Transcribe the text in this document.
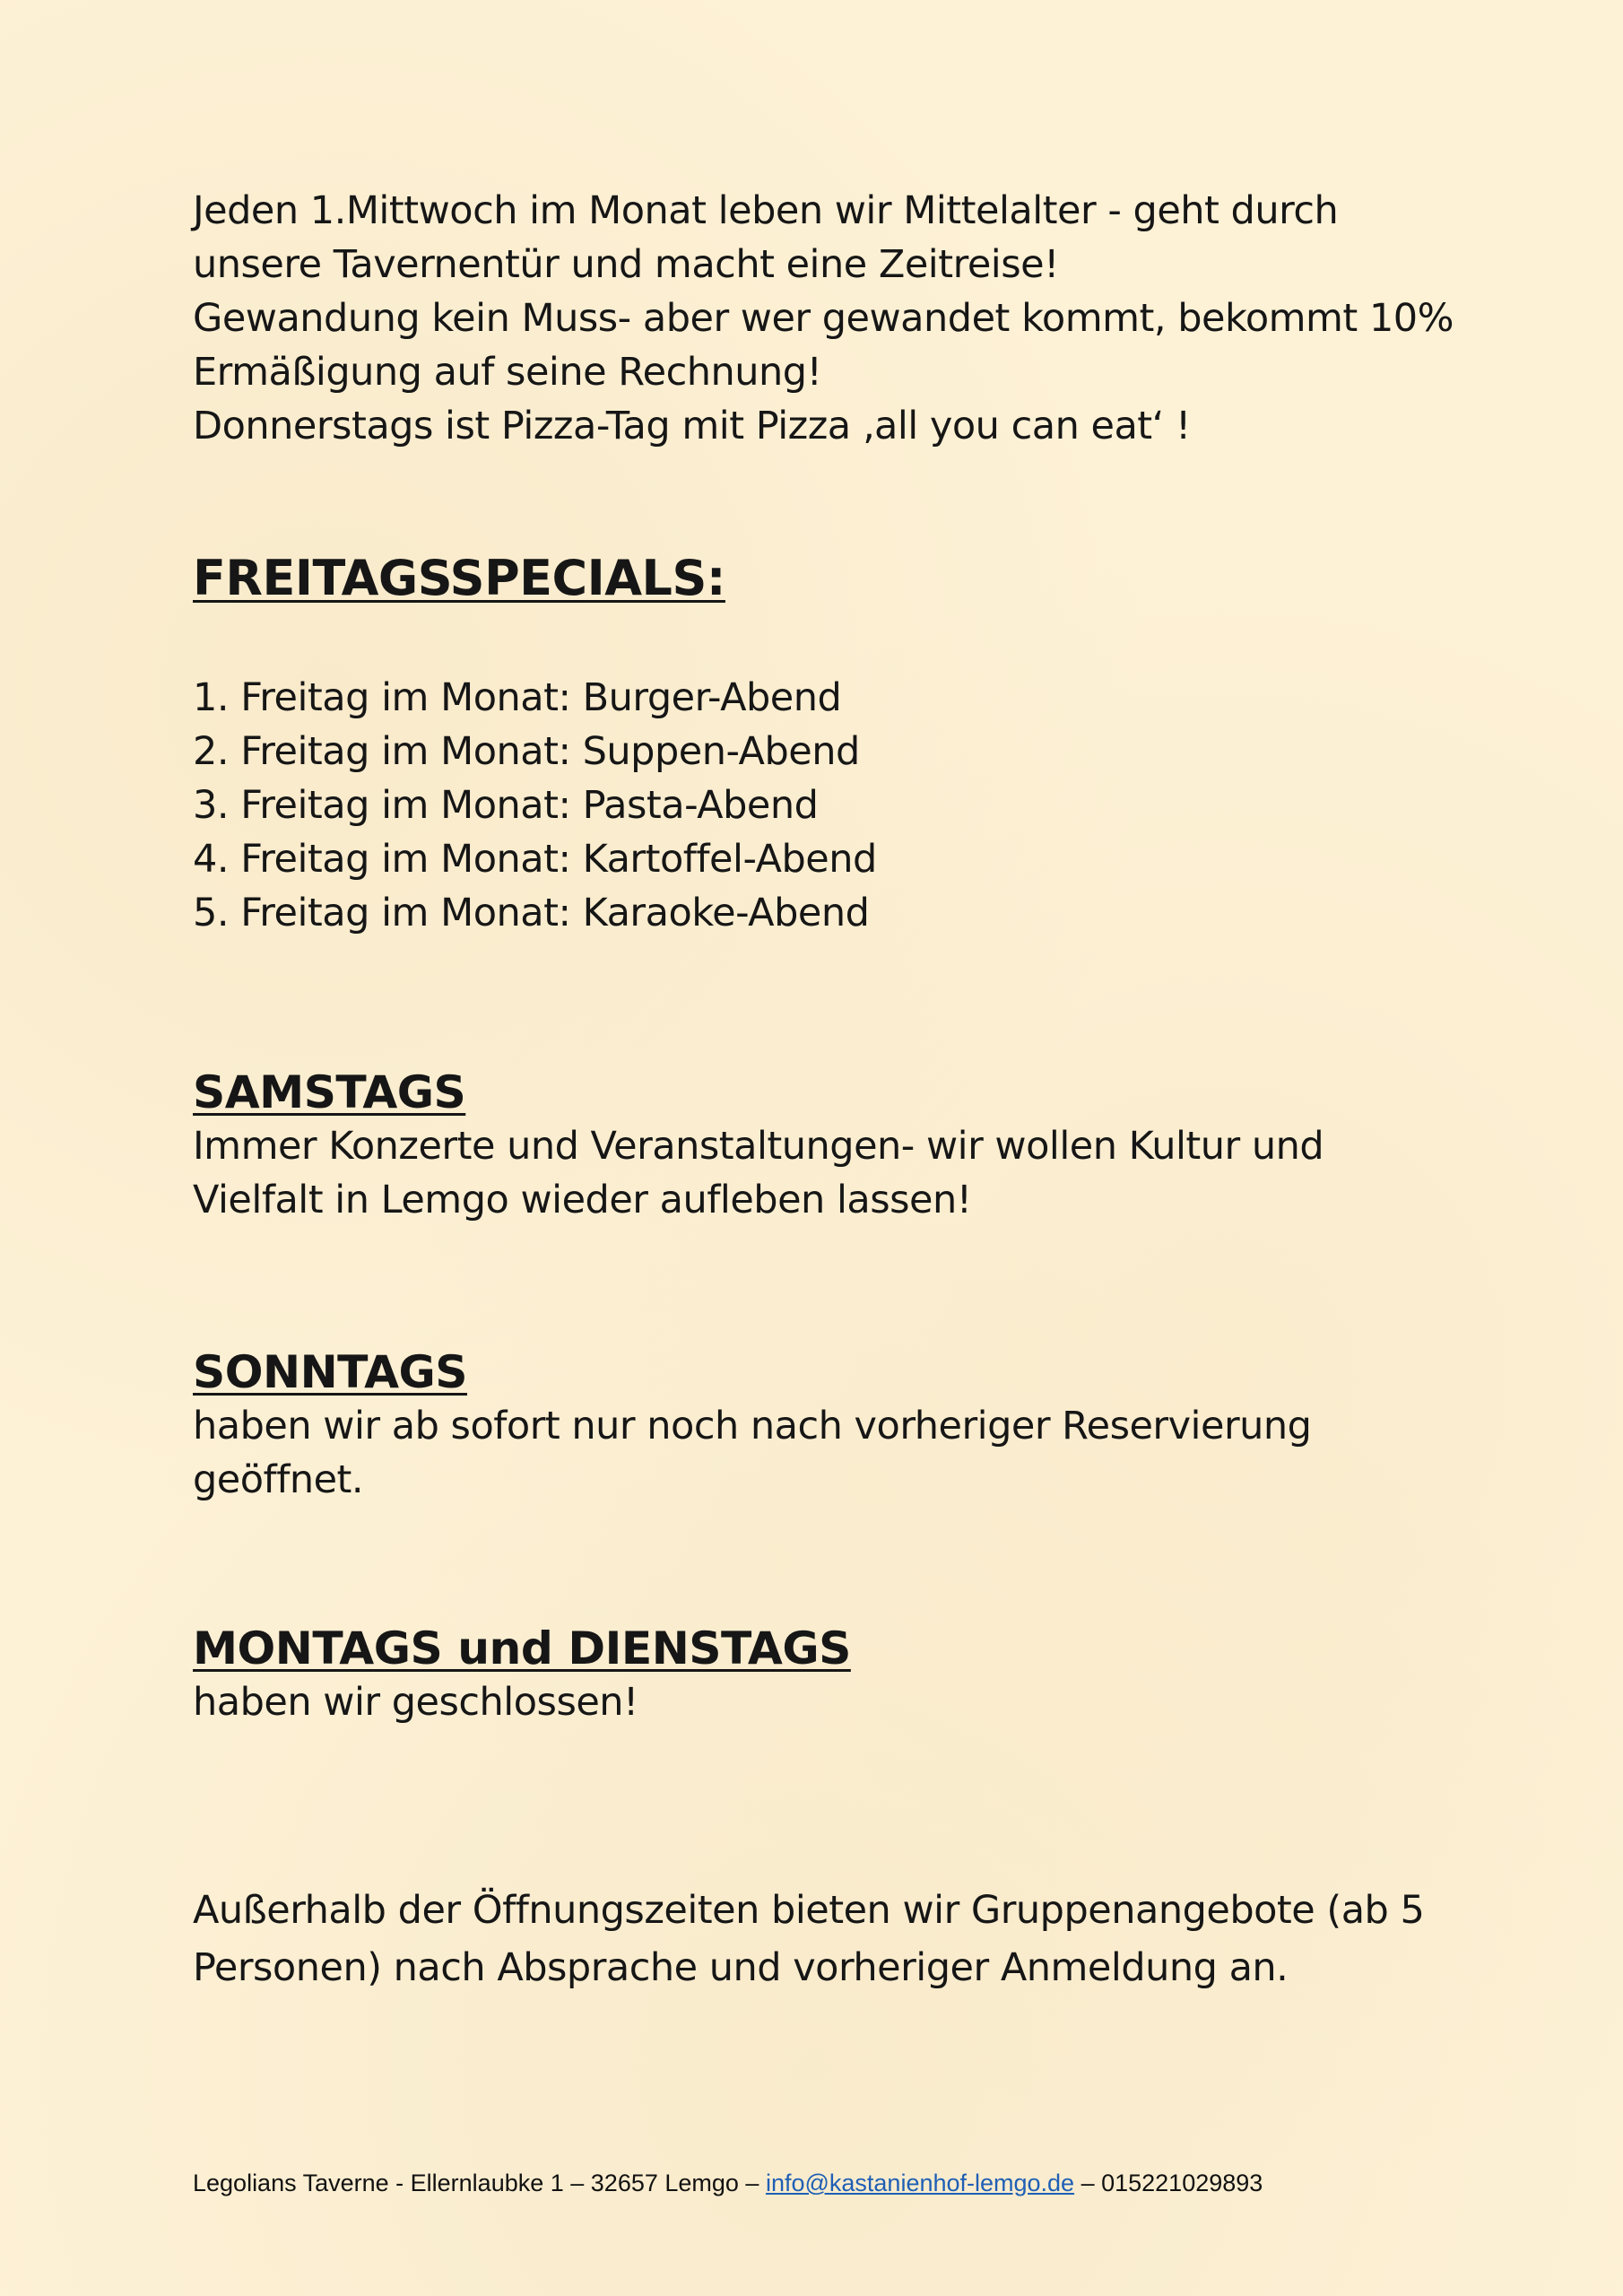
Jeden 1.Mittwoch im Monat leben wir Mittelalter - geht durch

unsere Tavernentür und macht eine Zeitreise!

Gewandung kein Muss- aber wer gewandet kommt, bekommt 10%

Ermäßigung auf seine Rechnung!

Donnerstags ist Pizza-Tag mit Pizza ‚all you can eat‘ !

FREITAGSSPECIALS:
1. Freitag im Monat: Burger-Abend
2. Freitag im Monat: Suppen-Abend
3. Freitag im Monat: Pasta-Abend
4. Freitag im Monat: Kartoffel-Abend
5. Freitag im Monat: Karaoke-Abend
SAMSTAGS

Immer Konzerte und Veranstaltungen- wir wollen Kultur und

Vielfalt in Lemgo wieder aufleben lassen!

SONNTAGS

haben wir ab sofort nur noch nach vorheriger Reservierung

geöffnet.

MONTAGS und DIENSTAGS

haben wir geschlossen!

Außerhalb der Öffnungszeiten bieten wir Gruppenangebote (ab 5

Personen) nach Absprache und vorheriger Anmeldung an.

Legolians Taverne - Ellernlaubke 1 – 32657 Lemgo – info@kastanienhof-lemgo.de – 015221029893
